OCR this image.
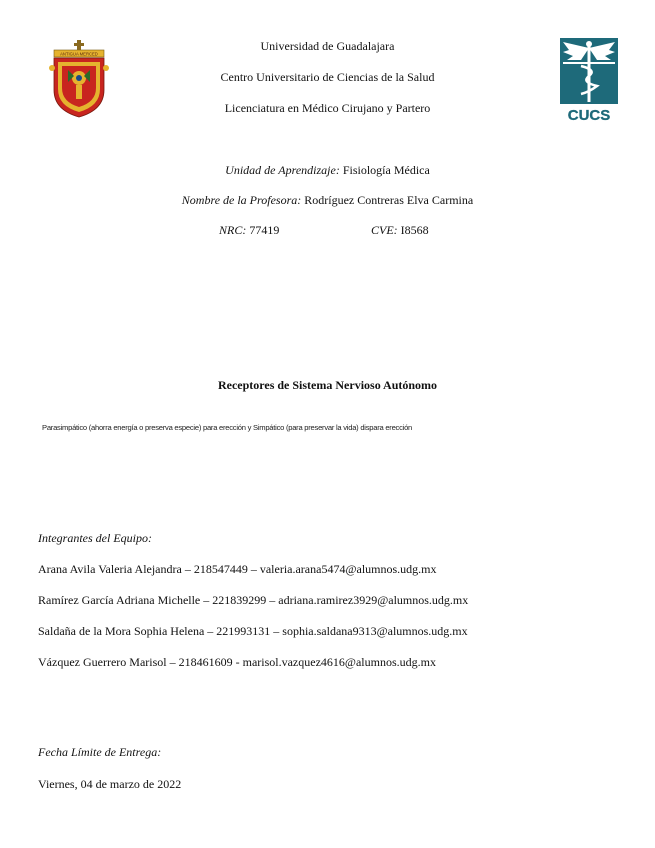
ANTIGUA MERCED
CUCS
Universidad de Guadalajara
Centro Universitario de Ciencias de la Salud
Licenciatura en Médico Cirujano y Partero
Unidad de Aprendizaje: Fisiología Médica
Nombre de la Profesora: Rodríguez Contreras Elva Carmina
NRC: 77419	CVE: I8568
Receptores de Sistema Nervioso Autónomo
Parasimpático (ahorra energía o preserva especie) para erección y Simpático (para preservar la vida) dispara erección
Integrantes del Equipo:
Arana Avila Valeria Alejandra – 218547449 – valeria.arana5474@alumnos.udg.mx
Ramírez García Adriana Michelle – 221839299 – adriana.ramirez3929@alumnos.udg.mx
Saldaña de la Mora Sophia Helena – 221993131 – sophia.saldana9313@alumnos.udg.mx
Vázquez Guerrero Marisol – 218461609 - marisol.vazquez4616@alumnos.udg.mx
Fecha Límite de Entrega:
Viernes, 04 de marzo de 2022
